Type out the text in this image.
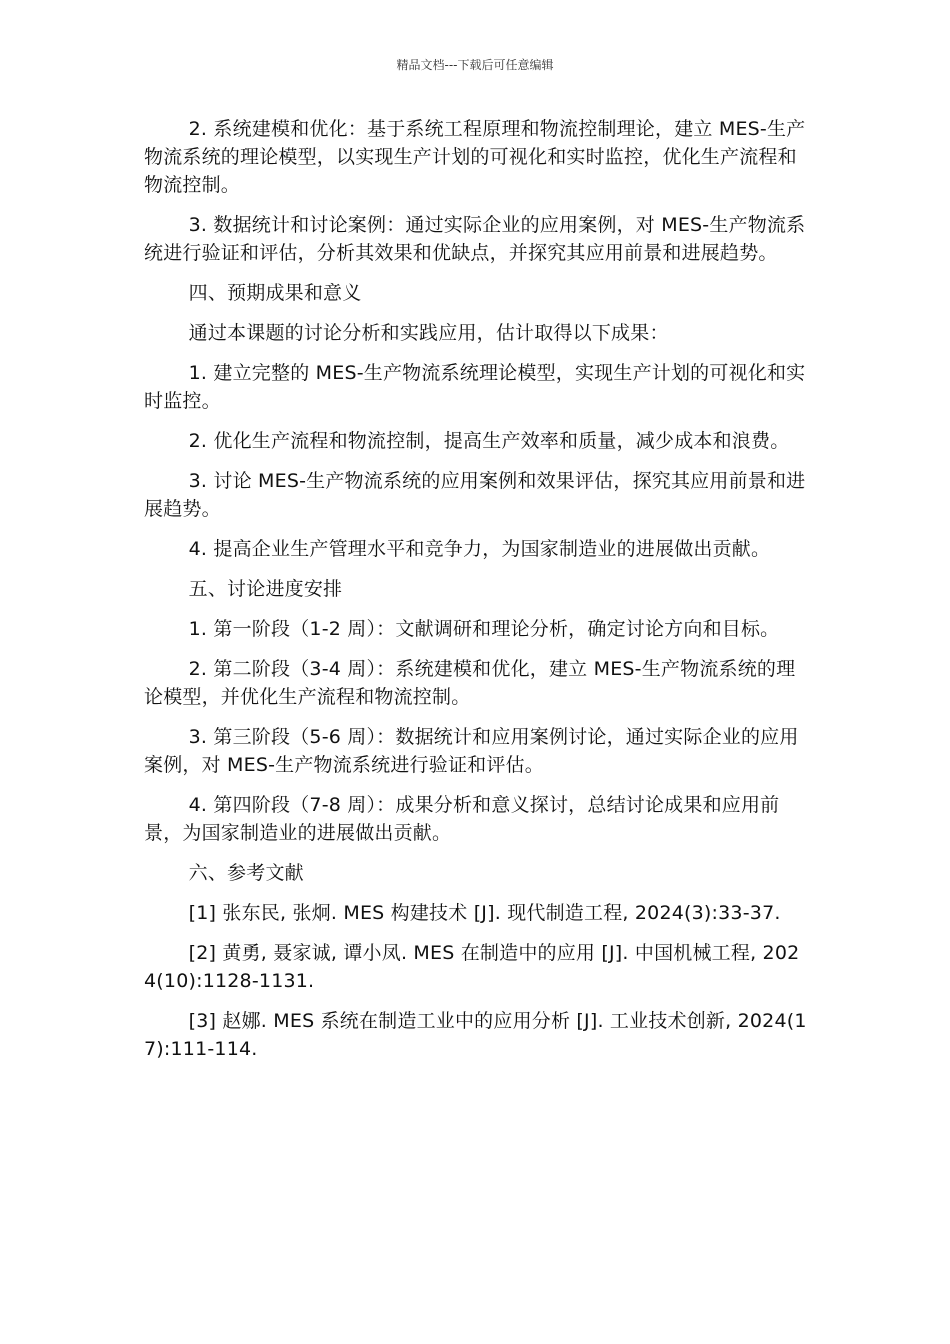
精品文档---下载后可任意编辑

2. 系统建模和优化：基于系统工程原理和物流控制理论，建立 MES-生产物流系统的理论模型，以实现生产计划的可视化和实时监控，优化生产流程和物流控制。

3. 数据统计和讨论案例：通过实际企业的应用案例，对 MES-生产物流系统进行验证和评估，分析其效果和优缺点，并探究其应用前景和进展趋势。

四、预期成果和意义

通过本课题的讨论分析和实践应用，估计取得以下成果：

1. 建立完整的 MES-生产物流系统理论模型，实现生产计划的可视化和实时监控。

2. 优化生产流程和物流控制，提高生产效率和质量，减少成本和浪费。

3. 讨论 MES-生产物流系统的应用案例和效果评估，探究其应用前景和进展趋势。

4. 提高企业生产管理水平和竞争力，为国家制造业的进展做出贡献。

五、讨论进度安排

1. 第一阶段（1-2 周）：文献调研和理论分析，确定讨论方向和目标。

2. 第二阶段（3-4 周）：系统建模和优化，建立 MES-生产物流系统的理论模型，并优化生产流程和物流控制。

3. 第三阶段（5-6 周）：数据统计和应用案例讨论，通过实际企业的应用案例，对 MES-生产物流系统进行验证和评估。

4. 第四阶段（7-8 周）：成果分析和意义探讨，总结讨论成果和应用前景，为国家制造业的进展做出贡献。

六、参考文献

[1] 张东民, 张炯. MES 构建技术 [J]. 现代制造工程, 2024(3):33-37.

[2] 黄勇, 聂家诚, 谭小凤. MES 在制造中的应用 [J]. 中国机械工程, 2024(10):1128-1131.

[3] 赵娜. MES 系统在制造工业中的应用分析 [J]. 工业技术创新, 2024(17):111-114.
